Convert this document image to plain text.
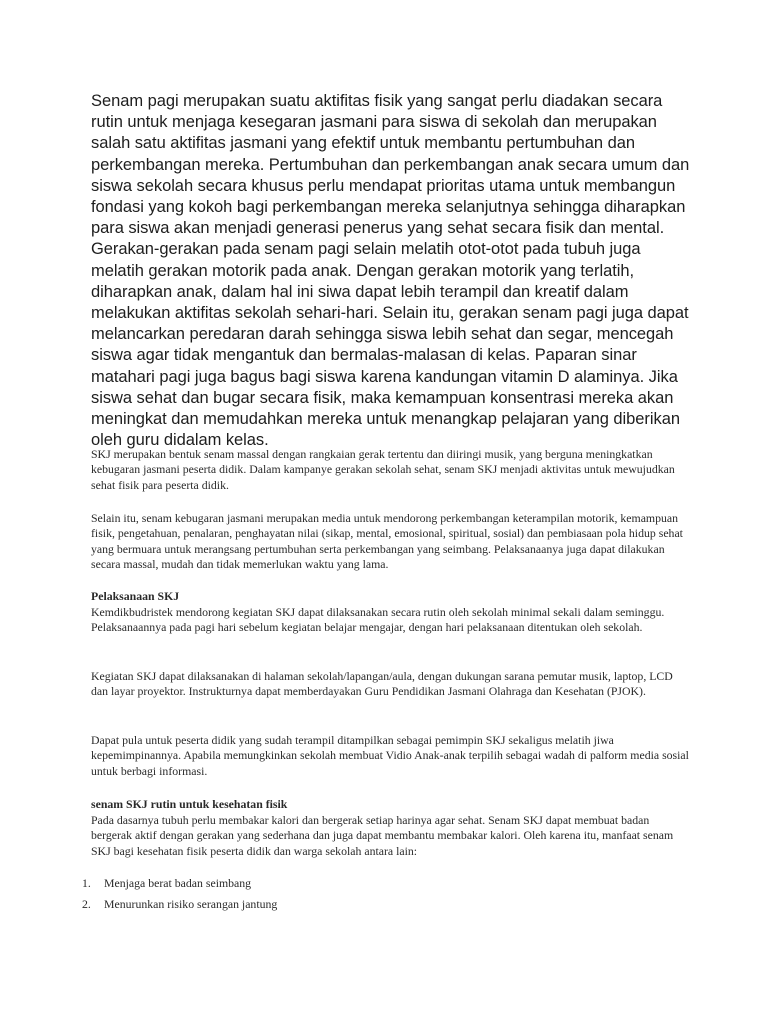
Senam pagi merupakan suatu aktifitas fisik yang sangat perlu diadakan secara rutin untuk menjaga kesegaran jasmani para siswa di sekolah dan merupakan salah satu aktifitas jasmani yang efektif untuk membantu pertumbuhan dan perkembangan mereka. Pertumbuhan dan perkembangan anak secara umum dan siswa sekolah secara khusus perlu mendapat prioritas utama untuk membangun fondasi yang kokoh bagi perkembangan mereka selanjutnya sehingga diharapkan para siswa akan menjadi generasi penerus yang sehat secara fisik dan mental. Gerakan-gerakan pada senam pagi selain melatih otot-otot pada tubuh juga melatih gerakan motorik pada anak. Dengan gerakan motorik yang terlatih, diharapkan anak, dalam hal ini siwa dapat lebih terampil dan kreatif dalam melakukan aktifitas sekolah sehari-hari. Selain itu, gerakan senam pagi juga dapat melancarkan peredaran darah sehingga siswa lebih sehat dan segar, mencegah siswa agar tidak mengantuk dan bermalas-malasan di kelas. Paparan sinar matahari pagi juga bagus bagi siswa karena kandungan vitamin D alaminya. Jika siswa sehat dan bugar secara fisik, maka kemampuan konsentrasi mereka akan meningkat dan memudahkan mereka untuk menangkap pelajaran yang diberikan oleh guru didalam kelas.

SKJ merupakan bentuk senam massal dengan rangkaian gerak tertentu dan diiringi musik, yang berguna meningkatkan kebugaran jasmani peserta didik. Dalam kampanye gerakan sekolah sehat, senam SKJ menjadi aktivitas untuk mewujudkan sehat fisik para peserta didik.

Selain itu, senam kebugaran jasmani merupakan media untuk mendorong perkembangan keterampilan motorik, kemampuan fisik, pengetahuan, penalaran, penghayatan nilai (sikap, mental, emosional, spiritual, sosial) dan pembiasaan pola hidup sehat yang bermuara untuk merangsang pertumbuhan serta perkembangan yang seimbang. Pelaksanaanya juga dapat dilakukan secara massal, mudah dan tidak memerlukan waktu yang lama.

Pelaksanaan SKJ

Kemdikbudristek mendorong kegiatan SKJ dapat dilaksanakan secara rutin oleh sekolah minimal sekali dalam seminggu. Pelaksanaannya pada pagi hari sebelum kegiatan belajar mengajar, dengan hari pelaksanaan ditentukan oleh sekolah.

Kegiatan SKJ dapat dilaksanakan di halaman sekolah/lapangan/aula, dengan dukungan sarana pemutar musik, laptop, LCD dan layar proyektor. Instrukturnya dapat memberdayakan Guru Pendidikan Jasmani Olahraga dan Kesehatan (PJOK).

Dapat pula untuk peserta didik yang sudah terampil ditampilkan sebagai pemimpin SKJ sekaligus melatih jiwa kepemimpinannya. Apabila memungkinkan sekolah membuat Vidio Anak-anak terpilih sebagai wadah di palform media sosial untuk berbagi informasi.

senam SKJ rutin untuk kesehatan fisik

Pada dasarnya tubuh perlu membakar kalori dan bergerak setiap harinya agar sehat. Senam SKJ dapat membuat badan bergerak aktif dengan gerakan yang sederhana dan juga dapat membantu membakar kalori. Oleh karena itu, manfaat senam SKJ bagi kesehatan fisik peserta didik dan warga sekolah antara lain:

1. Menjaga berat badan seimbang
2. Menurunkan risiko serangan jantung
